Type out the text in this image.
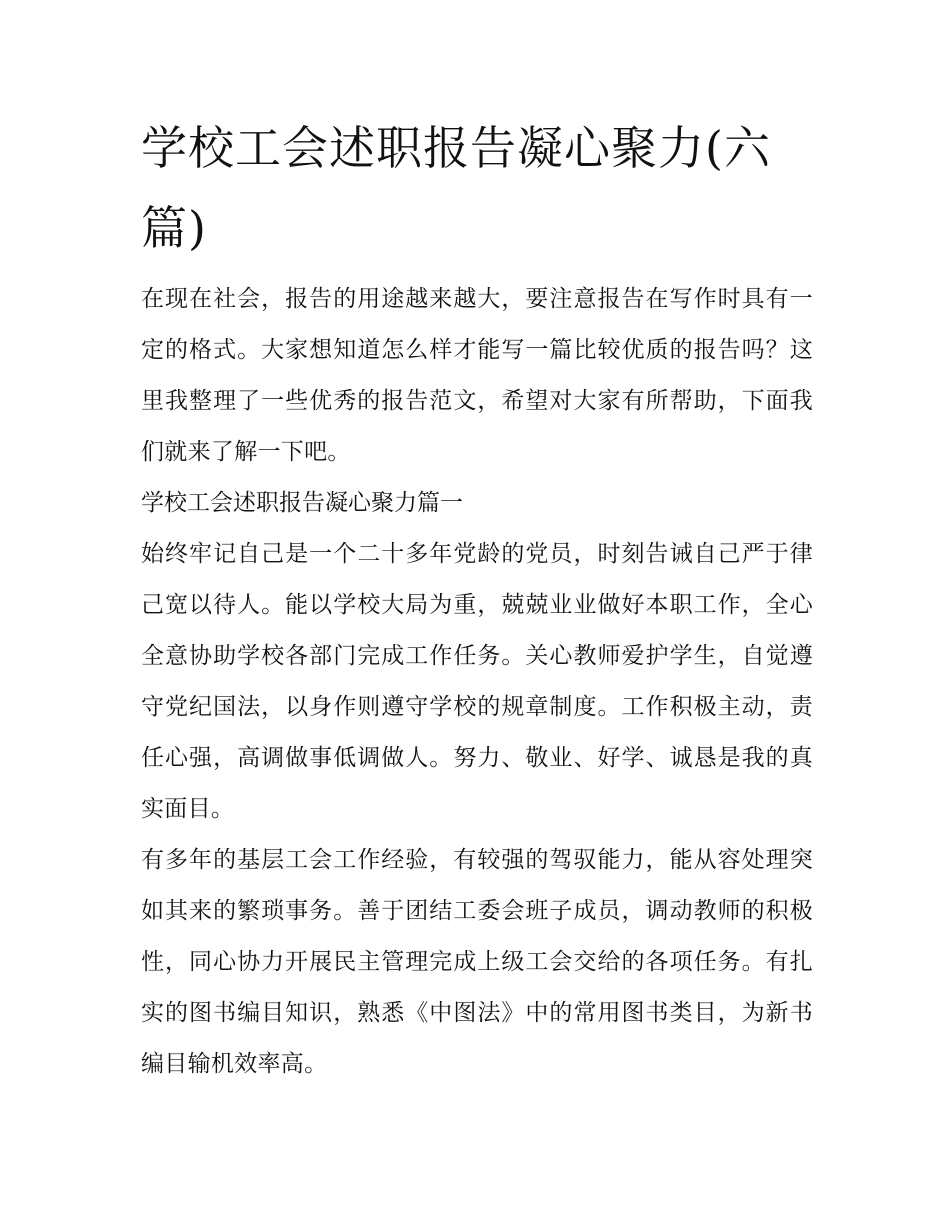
学校工会述职报告凝心聚力(六篇)

在现在社会，报告的用途越来越大，要注意报告在写作时具有一定的格式。大家想知道怎么样才能写一篇比较优质的报告吗？这里我整理了一些优秀的报告范文，希望对大家有所帮助，下面我们就来了解一下吧。

学校工会述职报告凝心聚力篇一

始终牢记自己是一个二十多年党龄的党员，时刻告诫自己严于律己宽以待人。能以学校大局为重，兢兢业业做好本职工作，全心全意协助学校各部门完成工作任务。关心教师爱护学生，自觉遵守党纪国法，以身作则遵守学校的规章制度。工作积极主动，责任心强，高调做事低调做人。努力、敬业、好学、诚恳是我的真实面目。

有多年的基层工会工作经验，有较强的驾驭能力，能从容处理突如其来的繁琐事务。善于团结工委会班子成员，调动教师的积极性，同心协力开展民主管理完成上级工会交给的各项任务。有扎实的图书编目知识，熟悉《中图法》中的常用图书类目，为新书编目输机效率高。
